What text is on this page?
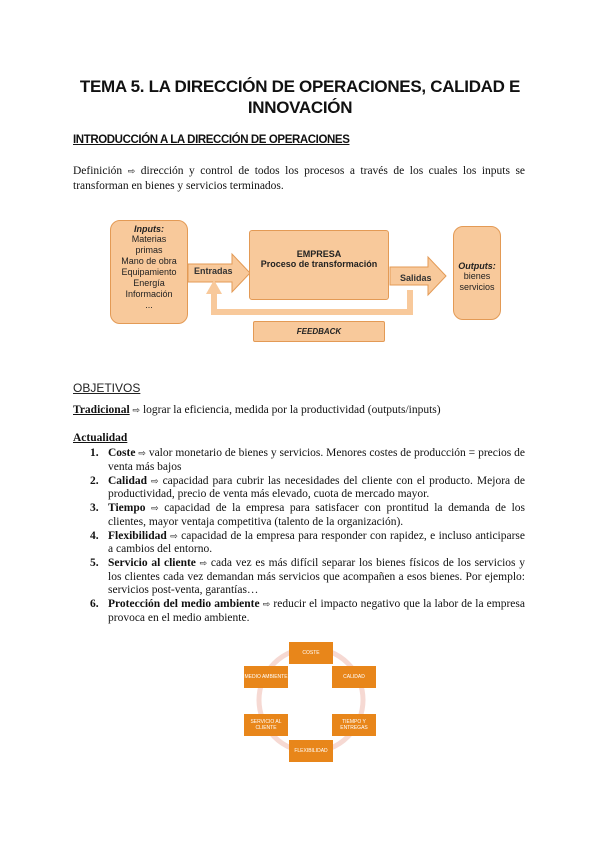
TEMA 5. LA DIRECCIÓN DE OPERACIONES, CALIDAD E
INNOVACIÓN
INTRODUCCIÓN A LA DIRECCIÓN DE OPERACIONES
Definición ⇨ dirección y control de todos los procesos a través de los cuales los inputs se transforman en bienes y servicios terminados.
Inputs:
Materias
primas
Mano de obra
Equipamiento
Energía
Información
...
Entradas
EMPRESA
Proceso de transformación
Salidas
Outputs:
bienes
servicios
FEEDBACK
OBJETIVOS
Tradicional ⇨ lograr la eficiencia, medida por la productividad (outputs/inputs)
Actualidad
1. Coste ⇨ valor monetario de bienes y servicios. Menores costes de producción = precios de venta más bajos
2. Calidad ⇨ capacidad para cubrir las necesidades del cliente con el producto. Mejora de productividad, precio de venta más elevado, cuota de mercado mayor.
3. Tiempo ⇨ capacidad de la empresa para satisfacer con prontitud la demanda de los clientes, mayor ventaja competitiva (talento de la organización).
4. Flexibilidad ⇨ capacidad de la empresa para responder con rapidez, e incluso anticiparse a cambios del entorno.
5. Servicio al cliente ⇨ cada vez es más difícil separar los bienes físicos de los servicios y los clientes cada vez demandan más servicios que acompañen a esos bienes. Por ejemplo: servicios post-venta, garantías…
6. Protección del medio ambiente ⇨ reducir el impacto negativo que la labor de la empresa provoca en el medio ambiente.
COSTE
CALIDAD
TIEMPO Y ENTREGAS
FLEXIBILIDAD
SERVICIO AL CLIENTE
MEDIO AMBIENTE
